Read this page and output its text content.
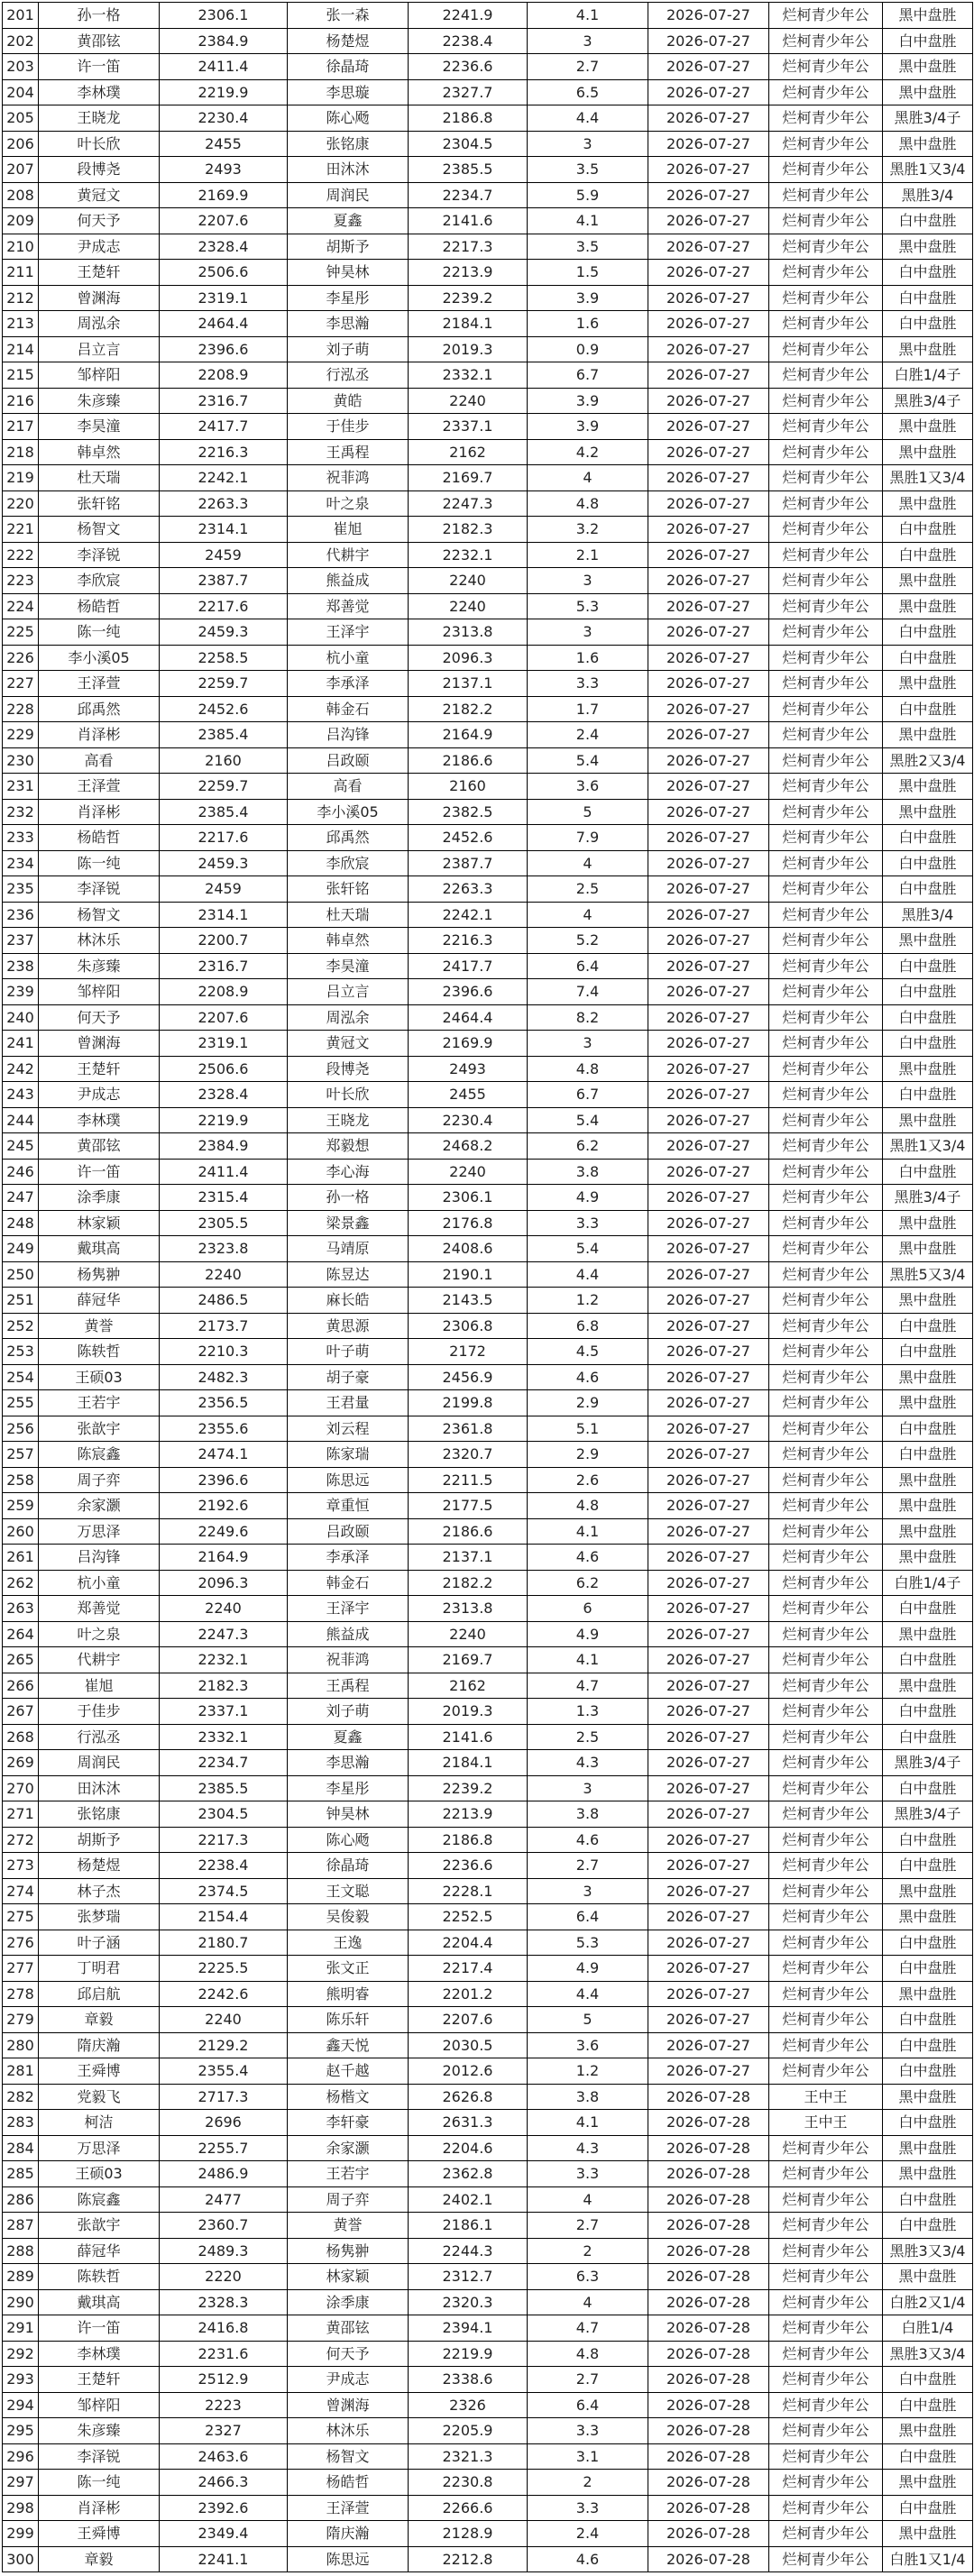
201	孙一格	2306.1	张一森	2241.9	4.1	2026-07-27	烂柯青少年公	黑中盘胜
202	黄邵铉	2384.9	杨楚煜	2238.4	3	2026-07-27	烂柯青少年公	白中盘胜
203	许一笛	2411.4	徐晶琦	2236.6	2.7	2026-07-27	烂柯青少年公	黑中盘胜
204	李林璞	2219.9	李思璇	2327.7	6.5	2026-07-27	烂柯青少年公	黑中盘胜
205	王晓龙	2230.4	陈心飏	2186.8	4.4	2026-07-27	烂柯青少年公	黑胜3/4子
206	叶长欣	2455	张铭康	2304.5	3	2026-07-27	烂柯青少年公	黑中盘胜
207	段博尧	2493	田沐沐	2385.5	3.5	2026-07-27	烂柯青少年公	黑胜1又3/4
208	黄冠文	2169.9	周润民	2234.7	5.9	2026-07-27	烂柯青少年公	黑胜3/4
209	何天予	2207.6	夏鑫	2141.6	4.1	2026-07-27	烂柯青少年公	白中盘胜
210	尹成志	2328.4	胡斯予	2217.3	3.5	2026-07-27	烂柯青少年公	黑中盘胜
211	王楚轩	2506.6	钟昊林	2213.9	1.5	2026-07-27	烂柯青少年公	白中盘胜
212	曾渊海	2319.1	李星彤	2239.2	3.9	2026-07-27	烂柯青少年公	白中盘胜
213	周泓余	2464.4	李思瀚	2184.1	1.6	2026-07-27	烂柯青少年公	白中盘胜
214	吕立言	2396.6	刘子萌	2019.3	0.9	2026-07-27	烂柯青少年公	黑中盘胜
215	邹梓阳	2208.9	行泓丞	2332.1	6.7	2026-07-27	烂柯青少年公	白胜1/4子
216	朱彦臻	2316.7	黄皓	2240	3.9	2026-07-27	烂柯青少年公	黑胜3/4子
217	李昊潼	2417.7	于佳步	2337.1	3.9	2026-07-27	烂柯青少年公	黑中盘胜
218	韩卓然	2216.3	王禹程	2162	4.2	2026-07-27	烂柯青少年公	黑中盘胜
219	杜天瑞	2242.1	祝菲鸿	2169.7	4	2026-07-27	烂柯青少年公	黑胜1又3/4
220	张轩铭	2263.3	叶之泉	2247.3	4.8	2026-07-27	烂柯青少年公	黑中盘胜
221	杨智文	2314.1	崔旭	2182.3	3.2	2026-07-27	烂柯青少年公	白中盘胜
222	李泽锐	2459	代耕宇	2232.1	2.1	2026-07-27	烂柯青少年公	白中盘胜
223	李欣宸	2387.7	熊益成	2240	3	2026-07-27	烂柯青少年公	黑中盘胜
224	杨皓哲	2217.6	郑善觉	2240	5.3	2026-07-27	烂柯青少年公	黑中盘胜
225	陈一纯	2459.3	王泽宇	2313.8	3	2026-07-27	烂柯青少年公	白中盘胜
226	李小溪05	2258.5	杭小童	2096.3	1.6	2026-07-27	烂柯青少年公	白中盘胜
227	王泽萱	2259.7	李承泽	2137.1	3.3	2026-07-27	烂柯青少年公	黑中盘胜
228	邱禹然	2452.6	韩金石	2182.2	1.7	2026-07-27	烂柯青少年公	白中盘胜
229	肖泽彬	2385.4	吕沟锋	2164.9	2.4	2026-07-27	烂柯青少年公	黑中盘胜
230	高看	2160	吕政颐	2186.6	5.4	2026-07-27	烂柯青少年公	黑胜2又3/4
231	王泽萱	2259.7	高看	2160	3.6	2026-07-27	烂柯青少年公	黑中盘胜
232	肖泽彬	2385.4	李小溪05	2382.5	5	2026-07-27	烂柯青少年公	黑中盘胜
233	杨皓哲	2217.6	邱禹然	2452.6	7.9	2026-07-27	烂柯青少年公	白中盘胜
234	陈一纯	2459.3	李欣宸	2387.7	4	2026-07-27	烂柯青少年公	白中盘胜
235	李泽锐	2459	张轩铭	2263.3	2.5	2026-07-27	烂柯青少年公	白中盘胜
236	杨智文	2314.1	杜天瑞	2242.1	4	2026-07-27	烂柯青少年公	黑胜3/4
237	林沐乐	2200.7	韩卓然	2216.3	5.2	2026-07-27	烂柯青少年公	黑中盘胜
238	朱彦臻	2316.7	李昊潼	2417.7	6.4	2026-07-27	烂柯青少年公	白中盘胜
239	邹梓阳	2208.9	吕立言	2396.6	7.4	2026-07-27	烂柯青少年公	白中盘胜
240	何天予	2207.6	周泓余	2464.4	8.2	2026-07-27	烂柯青少年公	白中盘胜
241	曾渊海	2319.1	黄冠文	2169.9	3	2026-07-27	烂柯青少年公	白中盘胜
242	王楚轩	2506.6	段博尧	2493	4.8	2026-07-27	烂柯青少年公	黑中盘胜
243	尹成志	2328.4	叶长欣	2455	6.7	2026-07-27	烂柯青少年公	白中盘胜
244	李林璞	2219.9	王晓龙	2230.4	5.4	2026-07-27	烂柯青少年公	黑中盘胜
245	黄邵铉	2384.9	郑毅想	2468.2	6.2	2026-07-27	烂柯青少年公	黑胜1又3/4
246	许一笛	2411.4	李心海	2240	3.8	2026-07-27	烂柯青少年公	白中盘胜
247	涂季康	2315.4	孙一格	2306.1	4.9	2026-07-27	烂柯青少年公	黑胜3/4子
248	林家颖	2305.5	梁景鑫	2176.8	3.3	2026-07-27	烂柯青少年公	黑中盘胜
249	戴琪高	2323.8	马靖原	2408.6	5.4	2026-07-27	烂柯青少年公	黑中盘胜
250	杨隽翀	2240	陈昱达	2190.1	4.4	2026-07-27	烂柯青少年公	黑胜5又3/4
251	薛冠华	2486.5	麻长皓	2143.5	1.2	2026-07-27	烂柯青少年公	黑中盘胜
252	黄誉	2173.7	黄思源	2306.8	6.8	2026-07-27	烂柯青少年公	白中盘胜
253	陈轶哲	2210.3	叶子萌	2172	4.5	2026-07-27	烂柯青少年公	白中盘胜
254	王硕03	2482.3	胡子豪	2456.9	4.6	2026-07-27	烂柯青少年公	黑中盘胜
255	王若宇	2356.5	王君量	2199.8	2.9	2026-07-27	烂柯青少年公	黑中盘胜
256	张歆宇	2355.6	刘云程	2361.8	5.1	2026-07-27	烂柯青少年公	白中盘胜
257	陈宸鑫	2474.1	陈家瑞	2320.7	2.9	2026-07-27	烂柯青少年公	白中盘胜
258	周子弈	2396.6	陈思远	2211.5	2.6	2026-07-27	烂柯青少年公	黑中盘胜
259	余家灏	2192.6	章重恒	2177.5	4.8	2026-07-27	烂柯青少年公	黑中盘胜
260	万思泽	2249.6	吕政颐	2186.6	4.1	2026-07-27	烂柯青少年公	黑中盘胜
261	吕沟锋	2164.9	李承泽	2137.1	4.6	2026-07-27	烂柯青少年公	黑中盘胜
262	杭小童	2096.3	韩金石	2182.2	6.2	2026-07-27	烂柯青少年公	白胜1/4子
263	郑善觉	2240	王泽宇	2313.8	6	2026-07-27	烂柯青少年公	白中盘胜
264	叶之泉	2247.3	熊益成	2240	4.9	2026-07-27	烂柯青少年公	黑中盘胜
265	代耕宇	2232.1	祝菲鸿	2169.7	4.1	2026-07-27	烂柯青少年公	白中盘胜
266	崔旭	2182.3	王禹程	2162	4.7	2026-07-27	烂柯青少年公	黑中盘胜
267	于佳步	2337.1	刘子萌	2019.3	1.3	2026-07-27	烂柯青少年公	白中盘胜
268	行泓丞	2332.1	夏鑫	2141.6	2.5	2026-07-27	烂柯青少年公	白中盘胜
269	周润民	2234.7	李思瀚	2184.1	4.3	2026-07-27	烂柯青少年公	黑胜3/4子
270	田沐沐	2385.5	李星彤	2239.2	3	2026-07-27	烂柯青少年公	白中盘胜
271	张铭康	2304.5	钟昊林	2213.9	3.8	2026-07-27	烂柯青少年公	黑胜3/4子
272	胡斯予	2217.3	陈心飏	2186.8	4.6	2026-07-27	烂柯青少年公	白中盘胜
273	杨楚煜	2238.4	徐晶琦	2236.6	2.7	2026-07-27	烂柯青少年公	白中盘胜
274	林子杰	2374.5	王文聪	2228.1	3	2026-07-27	烂柯青少年公	黑中盘胜
275	张梦瑞	2154.4	吴俊毅	2252.5	6.4	2026-07-27	烂柯青少年公	黑中盘胜
276	叶子涵	2180.7	王逸	2204.4	5.3	2026-07-27	烂柯青少年公	白中盘胜
277	丁明君	2225.5	张文正	2217.4	4.9	2026-07-27	烂柯青少年公	白中盘胜
278	邱启航	2242.6	熊明睿	2201.2	4.4	2026-07-27	烂柯青少年公	黑中盘胜
279	章毅	2240	陈乐轩	2207.6	5	2026-07-27	烂柯青少年公	白中盘胜
280	隋庆瀚	2129.2	鑫天悦	2030.5	3.6	2026-07-27	烂柯青少年公	白中盘胜
281	王舜博	2355.4	赵千越	2012.6	1.2	2026-07-27	烂柯青少年公	白中盘胜
282	党毅飞	2717.3	杨楷文	2626.8	3.8	2026-07-28	王中王	黑中盘胜
283	柯洁	2696	李轩豪	2631.3	4.1	2026-07-28	王中王	白中盘胜
284	万思泽	2255.7	余家灏	2204.6	4.3	2026-07-28	烂柯青少年公	黑中盘胜
285	王硕03	2486.9	王若宇	2362.8	3.3	2026-07-28	烂柯青少年公	黑中盘胜
286	陈宸鑫	2477	周子弈	2402.1	4	2026-07-28	烂柯青少年公	白中盘胜
287	张歆宇	2360.7	黄誉	2186.1	2.7	2026-07-28	烂柯青少年公	白中盘胜
288	薛冠华	2489.3	杨隽翀	2244.3	2	2026-07-28	烂柯青少年公	黑胜3又3/4
289	陈轶哲	2220	林家颖	2312.7	6.3	2026-07-28	烂柯青少年公	黑中盘胜
290	戴琪高	2328.3	涂季康	2320.3	4	2026-07-28	烂柯青少年公	白胜2又1/4
291	许一笛	2416.8	黄邵铉	2394.1	4.7	2026-07-28	烂柯青少年公	白胜1/4
292	李林璞	2231.6	何天予	2219.9	4.8	2026-07-28	烂柯青少年公	黑胜3又3/4
293	王楚轩	2512.9	尹成志	2338.6	2.7	2026-07-28	烂柯青少年公	白中盘胜
294	邹梓阳	2223	曾渊海	2326	6.4	2026-07-28	烂柯青少年公	白中盘胜
295	朱彦臻	2327	林沐乐	2205.9	3.3	2026-07-28	烂柯青少年公	黑中盘胜
296	李泽锐	2463.6	杨智文	2321.3	3.1	2026-07-28	烂柯青少年公	白中盘胜
297	陈一纯	2466.3	杨皓哲	2230.8	2	2026-07-28	烂柯青少年公	黑中盘胜
298	肖泽彬	2392.6	王泽萱	2266.6	3.3	2026-07-28	烂柯青少年公	白中盘胜
299	王舜博	2349.4	隋庆瀚	2128.9	2.4	2026-07-28	烂柯青少年公	黑中盘胜
300	章毅	2241.1	陈思远	2212.8	4.6	2026-07-28	烂柯青少年公	白胜1又1/4
